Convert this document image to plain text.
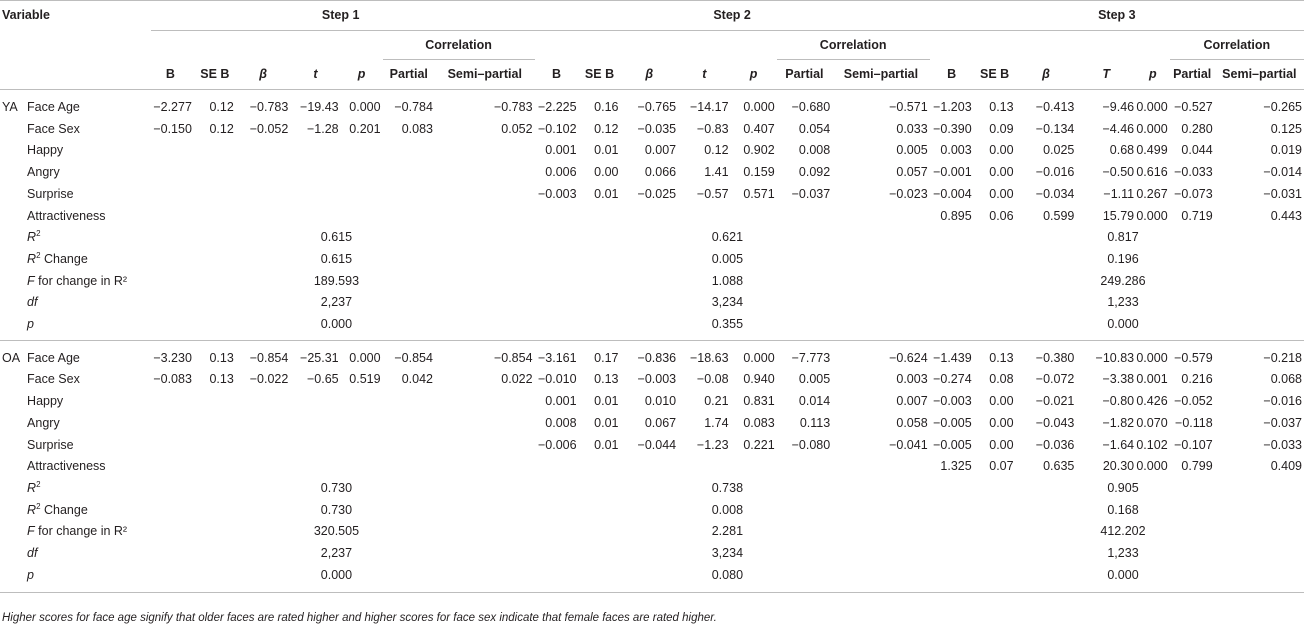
Variable		Step 1							Step 2							Step 3						
							Correlation							Correlation							Correlation	
		B	SE B	β	t	p	Partial	Semi–partial	B	SE B	β	t	p	Partial	Semi–partial	B	SE B	β	T	p	Partial	Semi–partial

YA	Face Age	−2.277	0.12	−0.783	−19.43	0.000	−0.784	−0.783	−2.225	0.16	−0.765	−14.17	0.000	−0.680	−0.571	−1.203	0.13	−0.413	−9.46	0.000	−0.527	−0.265
	Face Sex	−0.150	0.12	−0.052	−1.28	0.201	0.083	0.052	−0.102	0.12	−0.035	−0.83	0.407	0.054	0.033	−0.390	0.09	−0.134	−4.46	0.000	0.280	0.125
	Happy								0.001	0.01	0.007	0.12	0.902	0.008	0.005	0.003	0.00	0.025	0.68	0.499	0.044	0.019
	Angry								0.006	0.00	0.066	1.41	0.159	0.092	0.057	−0.001	0.00	−0.016	−0.50	0.616	−0.033	−0.014
	Surprise								−0.003	0.01	−0.025	−0.57	0.571	−0.037	−0.023	−0.004	0.00	−0.034	−1.11	0.267	−0.073	−0.031
	Attractiveness															0.895	0.06	0.599	15.79	0.000	0.719	0.443
	$R^2$				0.615							0.621							0.817			
	$R^2$ Change				0.615							0.005							0.196			
	F for change in R²				189.593							1.088							249.286			
	df				2,237							3,234							1,233			
	p				0.000							0.355							0.000			

OA	Face Age	−3.230	0.13	−0.854	−25.31	0.000	−0.854	−0.854	−3.161	0.17	−0.836	−18.63	0.000	−7.773	−0.624	−1.439	0.13	−0.380	−10.83	0.000	−0.579	−0.218
	Face Sex	−0.083	0.13	−0.022	−0.65	0.519	0.042	0.022	−0.010	0.13	−0.003	−0.08	0.940	0.005	0.003	−0.274	0.08	−0.072	−3.38	0.001	0.216	0.068
	Happy								0.001	0.01	0.010	0.21	0.831	0.014	0.007	−0.003	0.00	−0.021	−0.80	0.426	−0.052	−0.016
	Angry								0.008	0.01	0.067	1.74	0.083	0.113	0.058	−0.005	0.00	−0.043	−1.82	0.070	−0.118	−0.037
	Surprise								−0.006	0.01	−0.044	−1.23	0.221	−0.080	−0.041	−0.005	0.00	−0.036	−1.64	0.102	−0.107	−0.033
	Attractiveness															1.325	0.07	0.635	20.30	0.000	0.799	0.409
	$R^2$				0.730							0.738							0.905			
	$R^2$ Change				0.730							0.008							0.168			
	F for change in R²				320.505							2.281							412.202			
	df				2,237							3,234							1,233			
	p				0.000							0.080							0.000			

Higher scores for face age signify that older faces are rated higher and higher scores for face sex indicate that female faces are rated higher.
